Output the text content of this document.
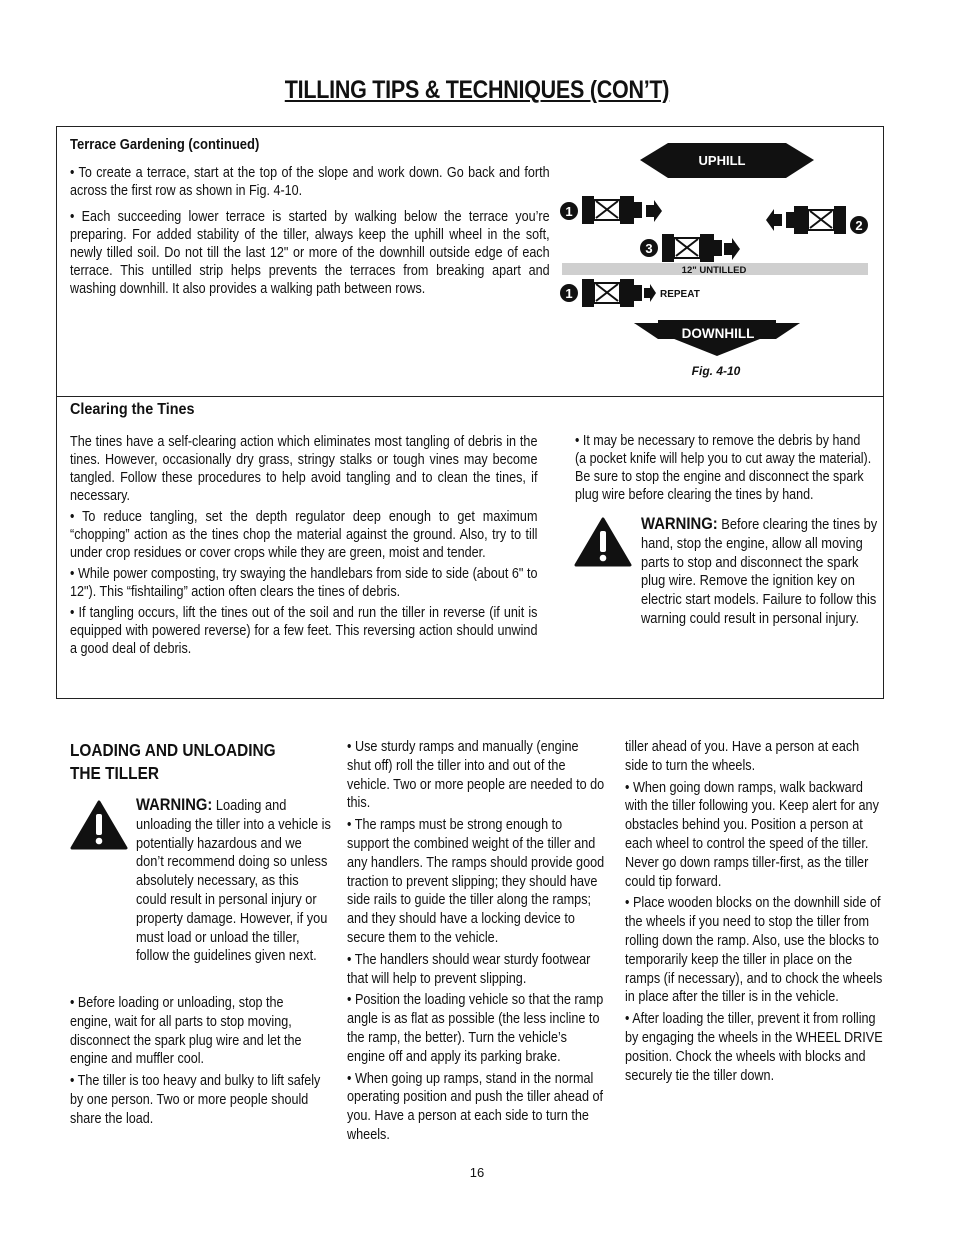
TILLING TIPS & TECHNIQUES (CON’T)

Terrace Gardening (continued)

• To create a terrace, start at the top of the slope and work down. Go back and forth across the first row as shown in Fig. 4-10.

• Each succeeding lower terrace is started by walking below the terrace you’re preparing. For added stability of the tiller, always keep the uphill wheel in the soft, newly tilled soil. Do not till the last 12" or more of the downhill outside edge of each terrace. This untilled strip helps prevents the terraces from breaking apart and washing downhill. It also provides a walking path between rows.

UPHILL
1
2
3
12" UNTILLED
1	REPEAT
DOWNHILL
Fig. 4-10
Clearing the Tines

The tines have a self-clearing action which eliminates most tangling of debris in the tines. However, occasionally dry grass, stringy stalks or tough vines may become tangled. Follow these procedures to help avoid tangling and to clean the tines, if necessary.

• To reduce tangling, set the depth regulator deep enough to get maximum “chopping” action as the tines chop the material against the ground. Also, try to till under crop residues or cover crops while they are green, moist and tender.

• While power composting, try swaying the handlebars from side to side (about 6" to 12"). This “fishtailing” action often clears the tines of debris.

• If tangling occurs, lift the tines out of the soil and run the tiller in reverse (if unit is equipped with powered reverse) for a few feet. This reversing action should unwind a good deal of debris.

• It may be necessary to remove the debris by hand (a pocket knife will help you to cut away the material). Be sure to stop the engine and disconnect the spark plug wire before clearing the tines by hand.

WARNING: Before clearing the tines by hand, stop the engine, allow all moving parts to stop and disconnect the spark plug wire. Remove the ignition key on electric start models. Failure to follow this warning could result in personal injury.
LOADING AND UNLOADING
THE TILLER
WARNING: Loading and unloading the tiller into a vehicle is potentially hazardous and we don’t recommend doing so unless absolutely necessary, as this could result in personal injury or property damage. However, if you must load or unload the tiller, follow the guidelines given next.

• Before loading or unloading, stop the engine, wait for all parts to stop moving, disconnect the spark plug wire and let the engine and muffler cool.

• The tiller is too heavy and bulky to lift safely by one person. Two or more people should share the load.

• Use sturdy ramps and manually (engine shut off) roll the tiller into and out of the vehicle. Two or more people are needed to do this.

• The ramps must be strong enough to support the combined weight of the tiller and any handlers. The ramps should provide good traction to prevent slipping; they should have side rails to guide the tiller along the ramps; and they should have a locking device to secure them to the vehicle.

• The handlers should wear sturdy footwear that will help to prevent slipping.

• Position the loading vehicle so that the ramp angle is as flat as possible (the less incline to the ramp, the better). Turn the vehicle’s engine off and apply its parking brake.

• When going up ramps, stand in the normal operating position and push the tiller ahead of you. Have a person at each side to turn the wheels.

tiller ahead of you. Have a person at each side to turn the wheels.

• When going down ramps, walk backward with the tiller following you. Keep alert for any obstacles behind you. Position a person at each wheel to control the speed of the tiller. Never go down ramps tiller-first, as the tiller could tip forward.

• Place wooden blocks on the downhill side of the wheels if you need to stop the tiller from rolling down the ramp. Also, use the blocks to temporarily keep the tiller in place on the ramps (if necessary), and to chock the wheels in place after the tiller is in the vehicle.

• After loading the tiller, prevent it from rolling by engaging the wheels in the WHEEL DRIVE position. Chock the wheels with blocks and securely tie the tiller down.

16
